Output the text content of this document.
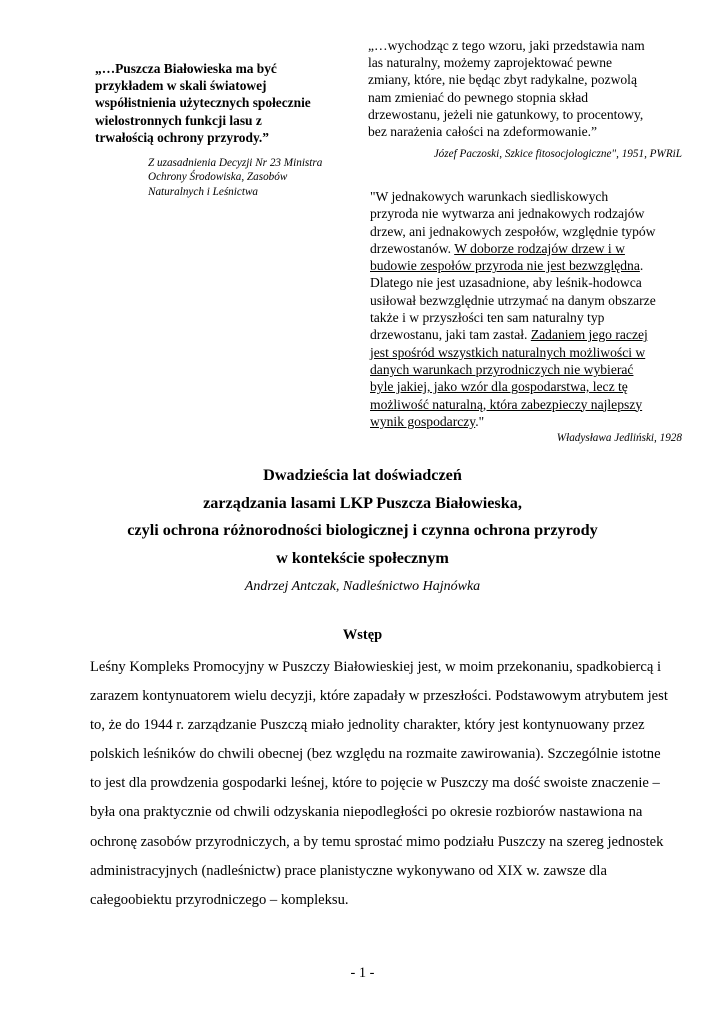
„…Puszcza Białowieska ma być
przykładem w skali światowej
współistnienia użytecznych społecznie
wielostronnych funkcji lasu z
trwałością ochrony przyrody.”
Z uzasadnienia Decyzji Nr 23 Ministra
Ochrony Środowiska, Zasobów
Naturalnych i Leśnictwa
„…wychodząc z tego wzoru, jaki przedstawia nam
las naturalny, możemy zaprojektować pewne
zmiany, które, nie będąc zbyt radykalne, pozwolą
nam zmieniać do pewnego stopnia skład
drzewostanu, jeżeli nie gatunkowy, to procentowy,
bez narażenia całości na zdeformowanie.”
Józef Paczoski, Szkice fitosocjologiczne", 1951, PWRiL
"W jednakowych warunkach siedliskowych
przyroda nie wytwarza ani jednakowych rodzajów
drzew, ani jednakowych zespołów, względnie typów
drzewostanów. W doborze rodzajów drzew i w
budowie zespołów przyroda nie jest bezwzględna.
Dlatego nie jest uzasadnione, aby leśnik-hodowca
usiłował bezwzględnie utrzymać na danym obszarze
także i w przyszłości ten sam naturalny typ
drzewostanu, jaki tam zastał. Zadaniem jego raczej
jest spośród wszystkich naturalnych możliwości w
danych warunkach przyrodniczych nie wybierać
byle jakiej, jako wzór dla gospodarstwa, lecz tę
możliwość naturalną, która zabezpieczy najlepszy
wynik gospodarczy."
Władysława Jedliński, 1928
Dwadzieścia lat doświadczeń
zarządzania lasami LKP Puszcza Białowieska,
czyli ochrona różnorodności biologicznej i czynna ochrona przyrody
w kontekście społecznym
Andrzej Antczak, Nadleśnictwo Hajnówka
Wstęp
Leśny Kompleks Promocyjny w Puszczy Białowieskiej jest, w moim przekonaniu, spadkobiercą i
zarazem kontynuatorem wielu decyzji, które zapadały w przeszłości. Podstawowym atrybutem jest
to, że do 1944 r. zarządzanie Puszczą miało jednolity charakter, który jest kontynuowany przez
polskich leśników do chwili obecnej (bez względu na rozmaite zawirowania). Szczególnie istotne
to jest dla prowdzenia gospodarki leśnej, które to pojęcie w Puszczy ma dość swoiste znaczenie –
była ona praktycznie od chwili odzyskania niepodległości po okresie rozbiorów nastawiona na
ochronę zasobów przyrodniczych, a by temu sprostać mimo podziału Puszczy na szereg jednostek
administracyjnych (nadleśnictw) prace planistyczne wykonywano od XIX w. zawsze dla
całegoobiektu przyrodniczego – kompleksu.
- 1 -
